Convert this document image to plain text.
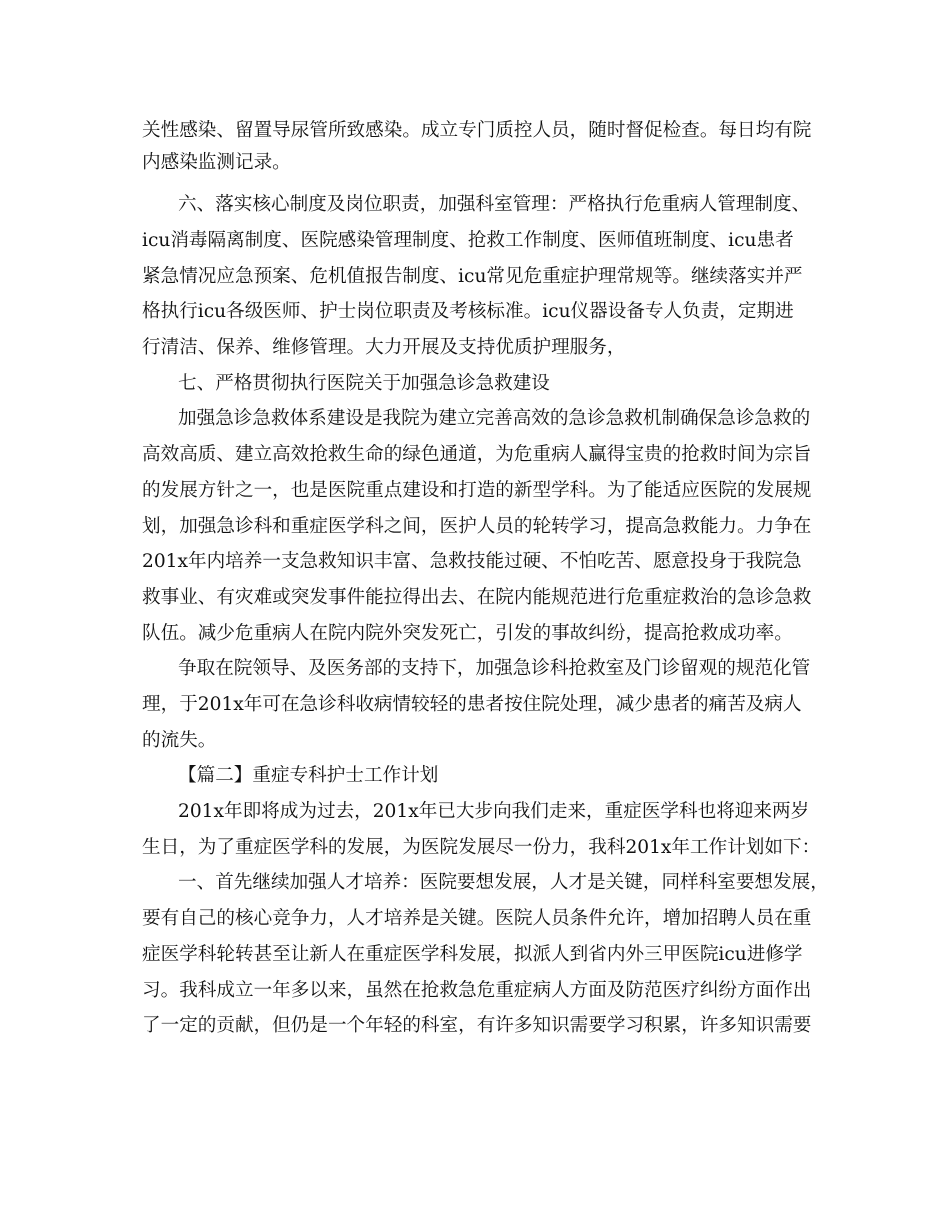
关性感染、留置导尿管所致感染。成立专门质控人员，随时督促检查。每日均有院

内感染监测记录。

六、落实核心制度及岗位职责，加强科室管理：严格执行危重病人管理制度、

icu消毒隔离制度、医院感染管理制度、抢救工作制度、医师值班制度、icu患者

紧急情况应急预案、危机值报告制度、icu常见危重症护理常规等。继续落实并严

格执行icu各级医师、护士岗位职责及考核标准。icu仪器设备专人负责，定期进

行清洁、保养、维修管理。大力开展及支持优质护理服务，

七、严格贯彻执行医院关于加强急诊急救建设

加强急诊急救体系建设是我院为建立完善高效的急诊急救机制确保急诊急救的

高效高质、建立高效抢救生命的绿色通道，为危重病人赢得宝贵的抢救时间为宗旨

的发展方针之一，也是医院重点建设和打造的新型学科。为了能适应医院的发展规

划，加强急诊科和重症医学科之间，医护人员的轮转学习，提高急救能力。力争在

201x年内培养一支急救知识丰富、急救技能过硬、不怕吃苦、愿意投身于我院急

救事业、有灾难或突发事件能拉得出去、在院内能规范进行危重症救治的急诊急救

队伍。减少危重病人在院内院外突发死亡，引发的事故纠纷，提高抢救成功率。

争取在院领导、及医务部的支持下，加强急诊科抢救室及门诊留观的规范化管

理，于201x年可在急诊科收病情较轻的患者按住院处理，减少患者的痛苦及病人

的流失。

【篇二】重症专科护士工作计划

201x年即将成为过去，201x年已大步向我们走来，重症医学科也将迎来两岁

生日，为了重症医学科的发展，为医院发展尽一份力，我科201x年工作计划如下：

一、首先继续加强人才培养：医院要想发展，人才是关键，同样科室要想发展，

要有自己的核心竞争力，人才培养是关键。医院人员条件允许，增加招聘人员在重

症医学科轮转甚至让新人在重症医学科发展，拟派人到省内外三甲医院icu进修学

习。我科成立一年多以来，虽然在抢救急危重症病人方面及防范医疗纠纷方面作出

了一定的贡献，但仍是一个年轻的科室，有许多知识需要学习积累，许多知识需要
